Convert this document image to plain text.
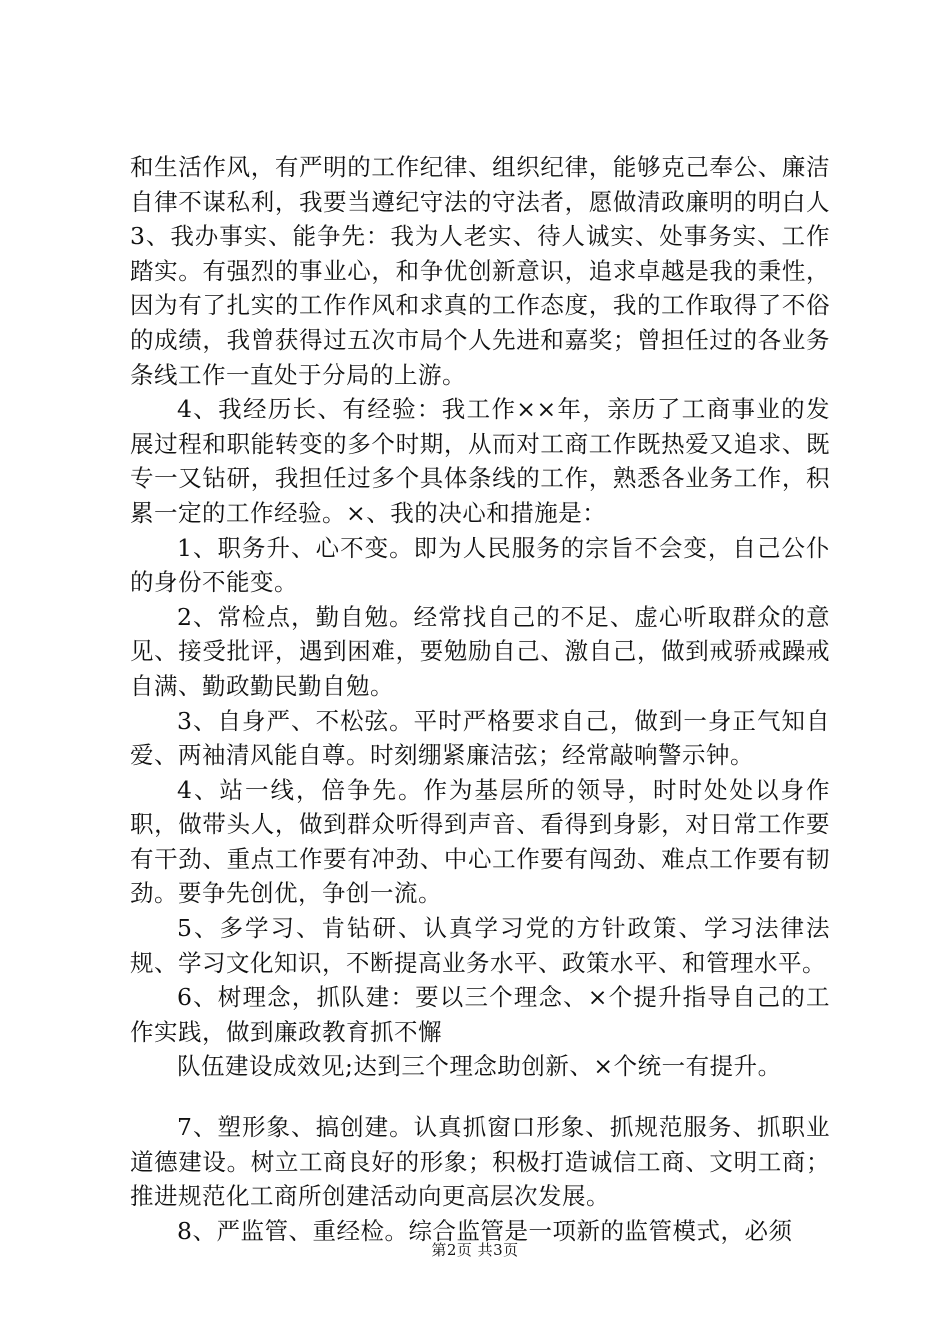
和生活作风，有严明的工作纪律、组织纪律，能够克己奉公、廉洁自律不谋私利，我要当遵纪守法的守法者，愿做清政廉明的明白人3、我办事实、能争先：我为人老实、待人诚实、处事务实、工作踏实。有强烈的事业心，和争优创新意识，追求卓越是我的秉性，因为有了扎实的工作作风和求真的工作态度，我的工作取得了不俗的成绩，我曾获得过五次市局个人先进和嘉奖；曾担任过的各业务条线工作一直处于分局的上游。

4、我经历长、有经验：我工作××年，亲历了工商事业的发展过程和职能转变的多个时期，从而对工商工作既热爱又追求、既专一又钻研，我担任过多个具体条线的工作，熟悉各业务工作，积累一定的工作经验。×、我的决心和措施是：

1、职务升、心不变。即为人民服务的宗旨不会变，自己公仆的身份不能变。

2、常检点，勤自勉。经常找自己的不足、虚心听取群众的意见、接受批评，遇到困难，要勉励自己、激自己，做到戒骄戒躁戒自满、勤政勤民勤自勉。

3、自身严、不松弦。平时严格要求自己，做到一身正气知自爱、两袖清风能自尊。时刻绷紧廉洁弦；经常敲响警示钟。

4、站一线，倍争先。作为基层所的领导，时时处处以身作职，做带头人，做到群众听得到声音、看得到身影，对日常工作要有干劲、重点工作要有冲劲、中心工作要有闯劲、难点工作要有韧劲。要争先创优，争创一流。

5、多学习、肯钻研、认真学习党的方针政策、学习法律法规、学习文化知识，不断提高业务水平、政策水平、和管理水平。

6、树理念，抓队建：要以三个理念、×个提升指导自己的工作实践，做到廉政教育抓不懈

队伍建设成效见;达到三个理念助创新、×个统一有提升。

7、塑形象、搞创建。认真抓窗口形象、抓规范服务、抓职业道德建设。树立工商良好的形象；积极打造诚信工商、文明工商；推进规范化工商所创建活动向更高层次发展。

8、严监管、重经检。综合监管是一项新的监管模式，必须

第2页 共3页
